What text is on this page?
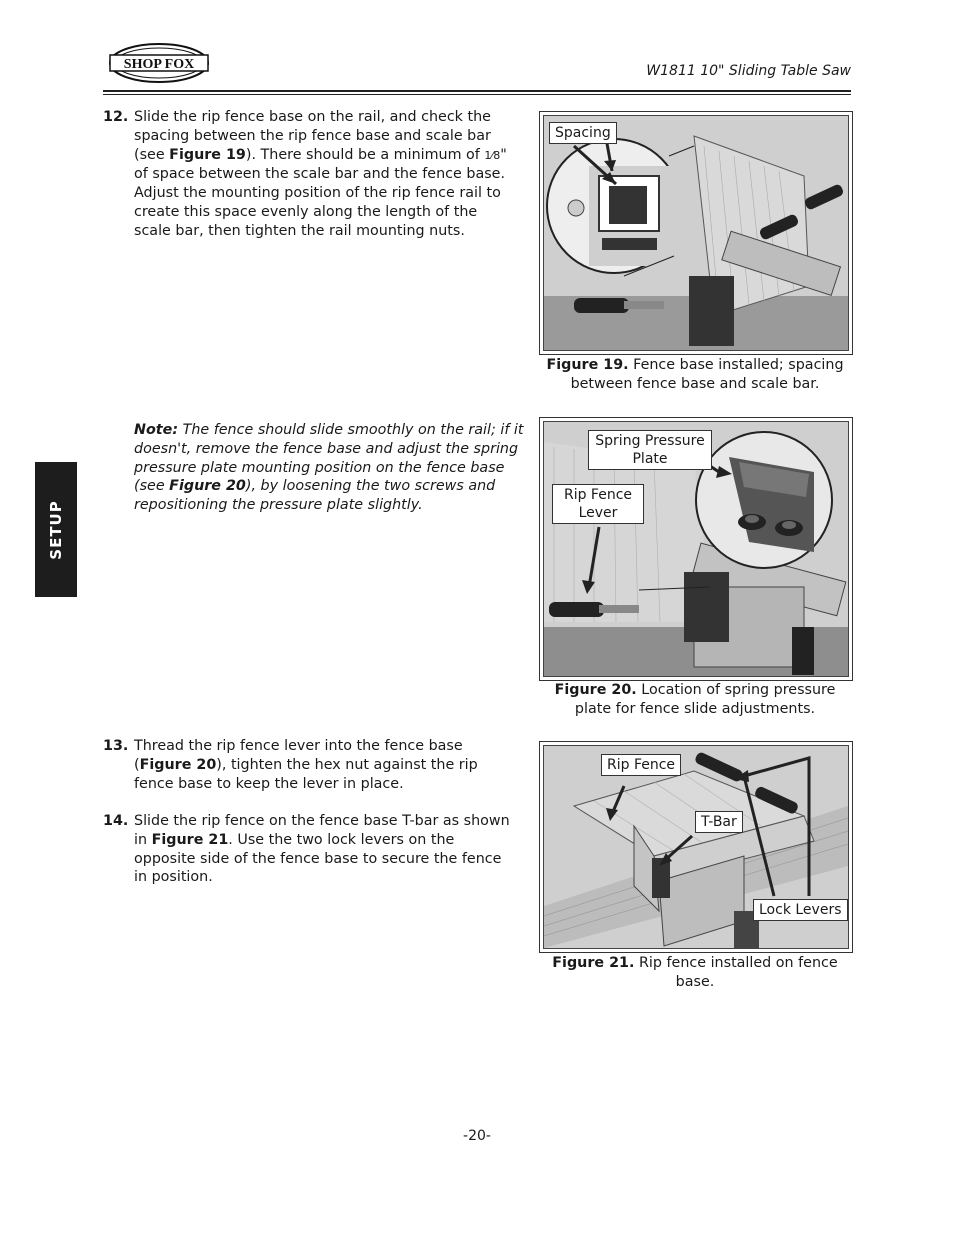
SHOP FOX	W1811 10" Sliding Table Saw
SETUP
12. Slide the rip fence base on the rail, and check the spacing between the rip fence base and scale bar (see Figure 19). There should be a minimum of 1⁄8" of space between the scale bar and the fence base. Adjust the mounting position of the rip fence rail to create this space evenly along the length of the scale bar, then tighten the rail mounting nuts.
Note: The fence should slide smoothly on the rail; if it doesn't, remove the fence base and adjust the spring pressure plate mounting position on the fence base (see Figure 20), by loosening the two screws and repositioning the pressure plate slightly.
13. Thread the rip fence lever into the fence base (Figure 20), tighten the hex nut against the rip fence base to keep the lever in place.
14. Slide the rip fence on the fence base T-bar as shown in Figure 21. Use the two lock levers on the opposite side of the fence base to secure the fence in position.
Spacing
Figure 19. Fence base installed; spacing between fence base and scale bar.
Spring Pressure Plate
Rip Fence Lever
Figure 20. Location of spring pressure plate for fence slide adjustments.
Rip Fence
T-Bar
Lock Levers
Figure 21. Rip fence installed on fence base.
-20-
